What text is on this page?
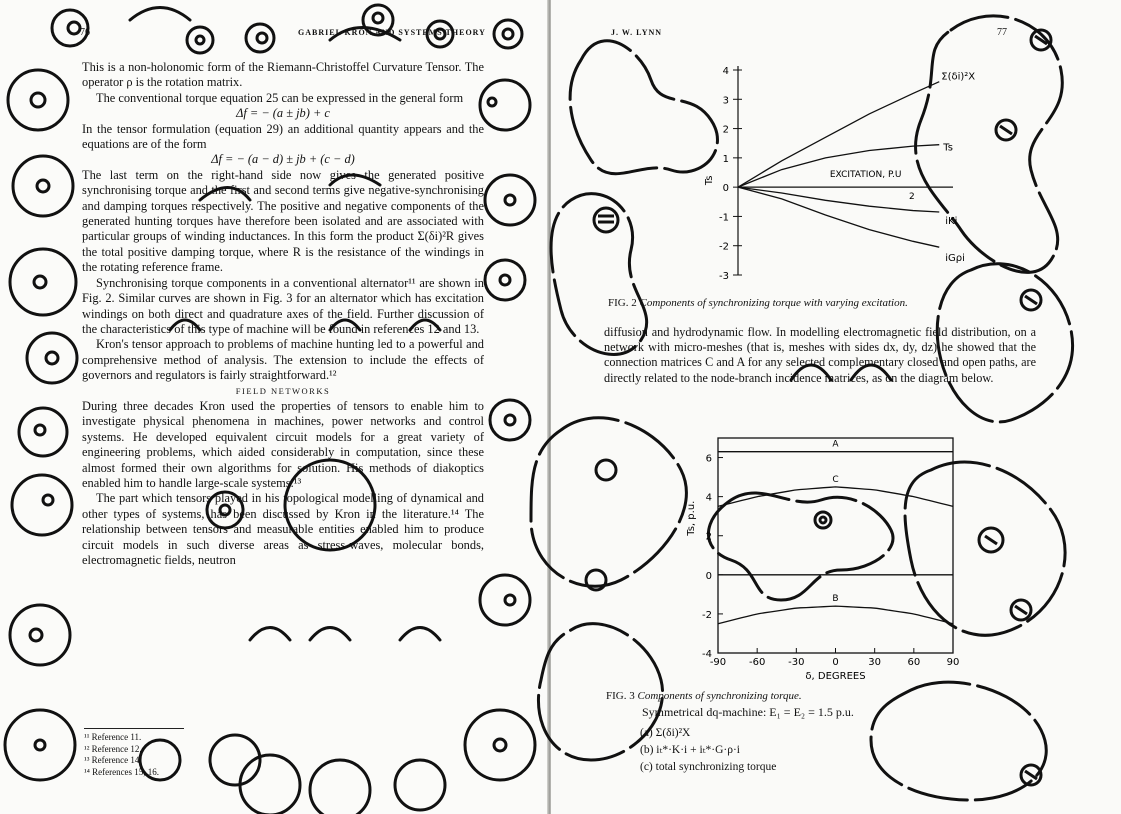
76	GABRIEL KRON AND SYSTEMS THEORY

This is a non-holonomic form of the Riemann-Christoffel Curvature Tensor. The operator ρ is the rotation matrix.

The conventional torque equation 25 can be expressed in the general form

Δf = − (a ± jb) + c

In the tensor formulation (equation 29) an additional quantity appears and the equations are of the form

Δf = − (a − d) ± jb + (c − d)

The last term on the right-hand side now gives the generated positive synchronising torque and the first and second terms give negative-synchronising and damping torques respectively. The positive and negative components of the generated hunting torques have therefore been isolated and are associated with particular groups of winding inductances. In this form the product Σ(δi)²R gives the total positive damping torque, where R is the resistance of the windings in the rotating reference frame.

Synchronising torque components in a conventional alternator¹¹ are shown in Fig. 2. Similar curves are shown in Fig. 3 for an alternator which has excitation windings on both direct and quadrature axes of the field. Further discussion of the characteristics of this type of machine will be found in references 12 and 13.

Kron's tensor approach to problems of machine hunting led to a powerful and comprehensive method of analysis. The extension to include the effects of governors and regulators is fairly straightforward.¹²

FIELD NETWORKS

During three decades Kron used the properties of tensors to enable him to investigate physical phenomena in machines, power networks and control systems. He developed equivalent circuit models for a great variety of engineering problems, which aided considerably in computation, since these almost formed their own algorithms for solution. His methods of diakoptics enabled him to handle large-scale systems.¹³

The part which tensors played in his topological modelling of dynamical and other types of systems, has been discussed by Kron in the literature.¹⁴ The relationship between tensors and measurable entities enabled him to produce circuit models in such diverse areas as stress-waves, molecular bonds, electromagnetic fields, neutron

¹¹ Reference 11.
¹² Reference 12.
¹³ Reference 14.
¹⁴ References 15, 16.
J. W. LYNN	77
4
3
2
1
0
-1
-2
-3
Ts
2
EXCITATION, P.U
Σ(δi)²X
Ts
iKi
iGρi
FIG. 2 Components of synchronizing torque with varying excitation.
diffusion and hydrodynamic flow. In modelling electromagnetic field distribution, on a network with micro-meshes (that is, meshes with sides dx, dy, dz) he showed that the connection matrices C and A for any selected complementary closed and open paths, are directly related to the node-branch incidence matrices, as on the diagram below.
6
4
2
0
-2
-4
-90 -60 -30	0	30	60	90
δ, DEGREES
Ts, p.u.
A
C
B
FIG. 3 Components of synchronizing torque.
Symmetrical dq-machine: E₁ = E₂ = 1.5 p.u.
(a) Σ(δi)²X
(b) iₜ*·K·i + iₜ*·G·ρ·i
(c) total synchronizing torque
